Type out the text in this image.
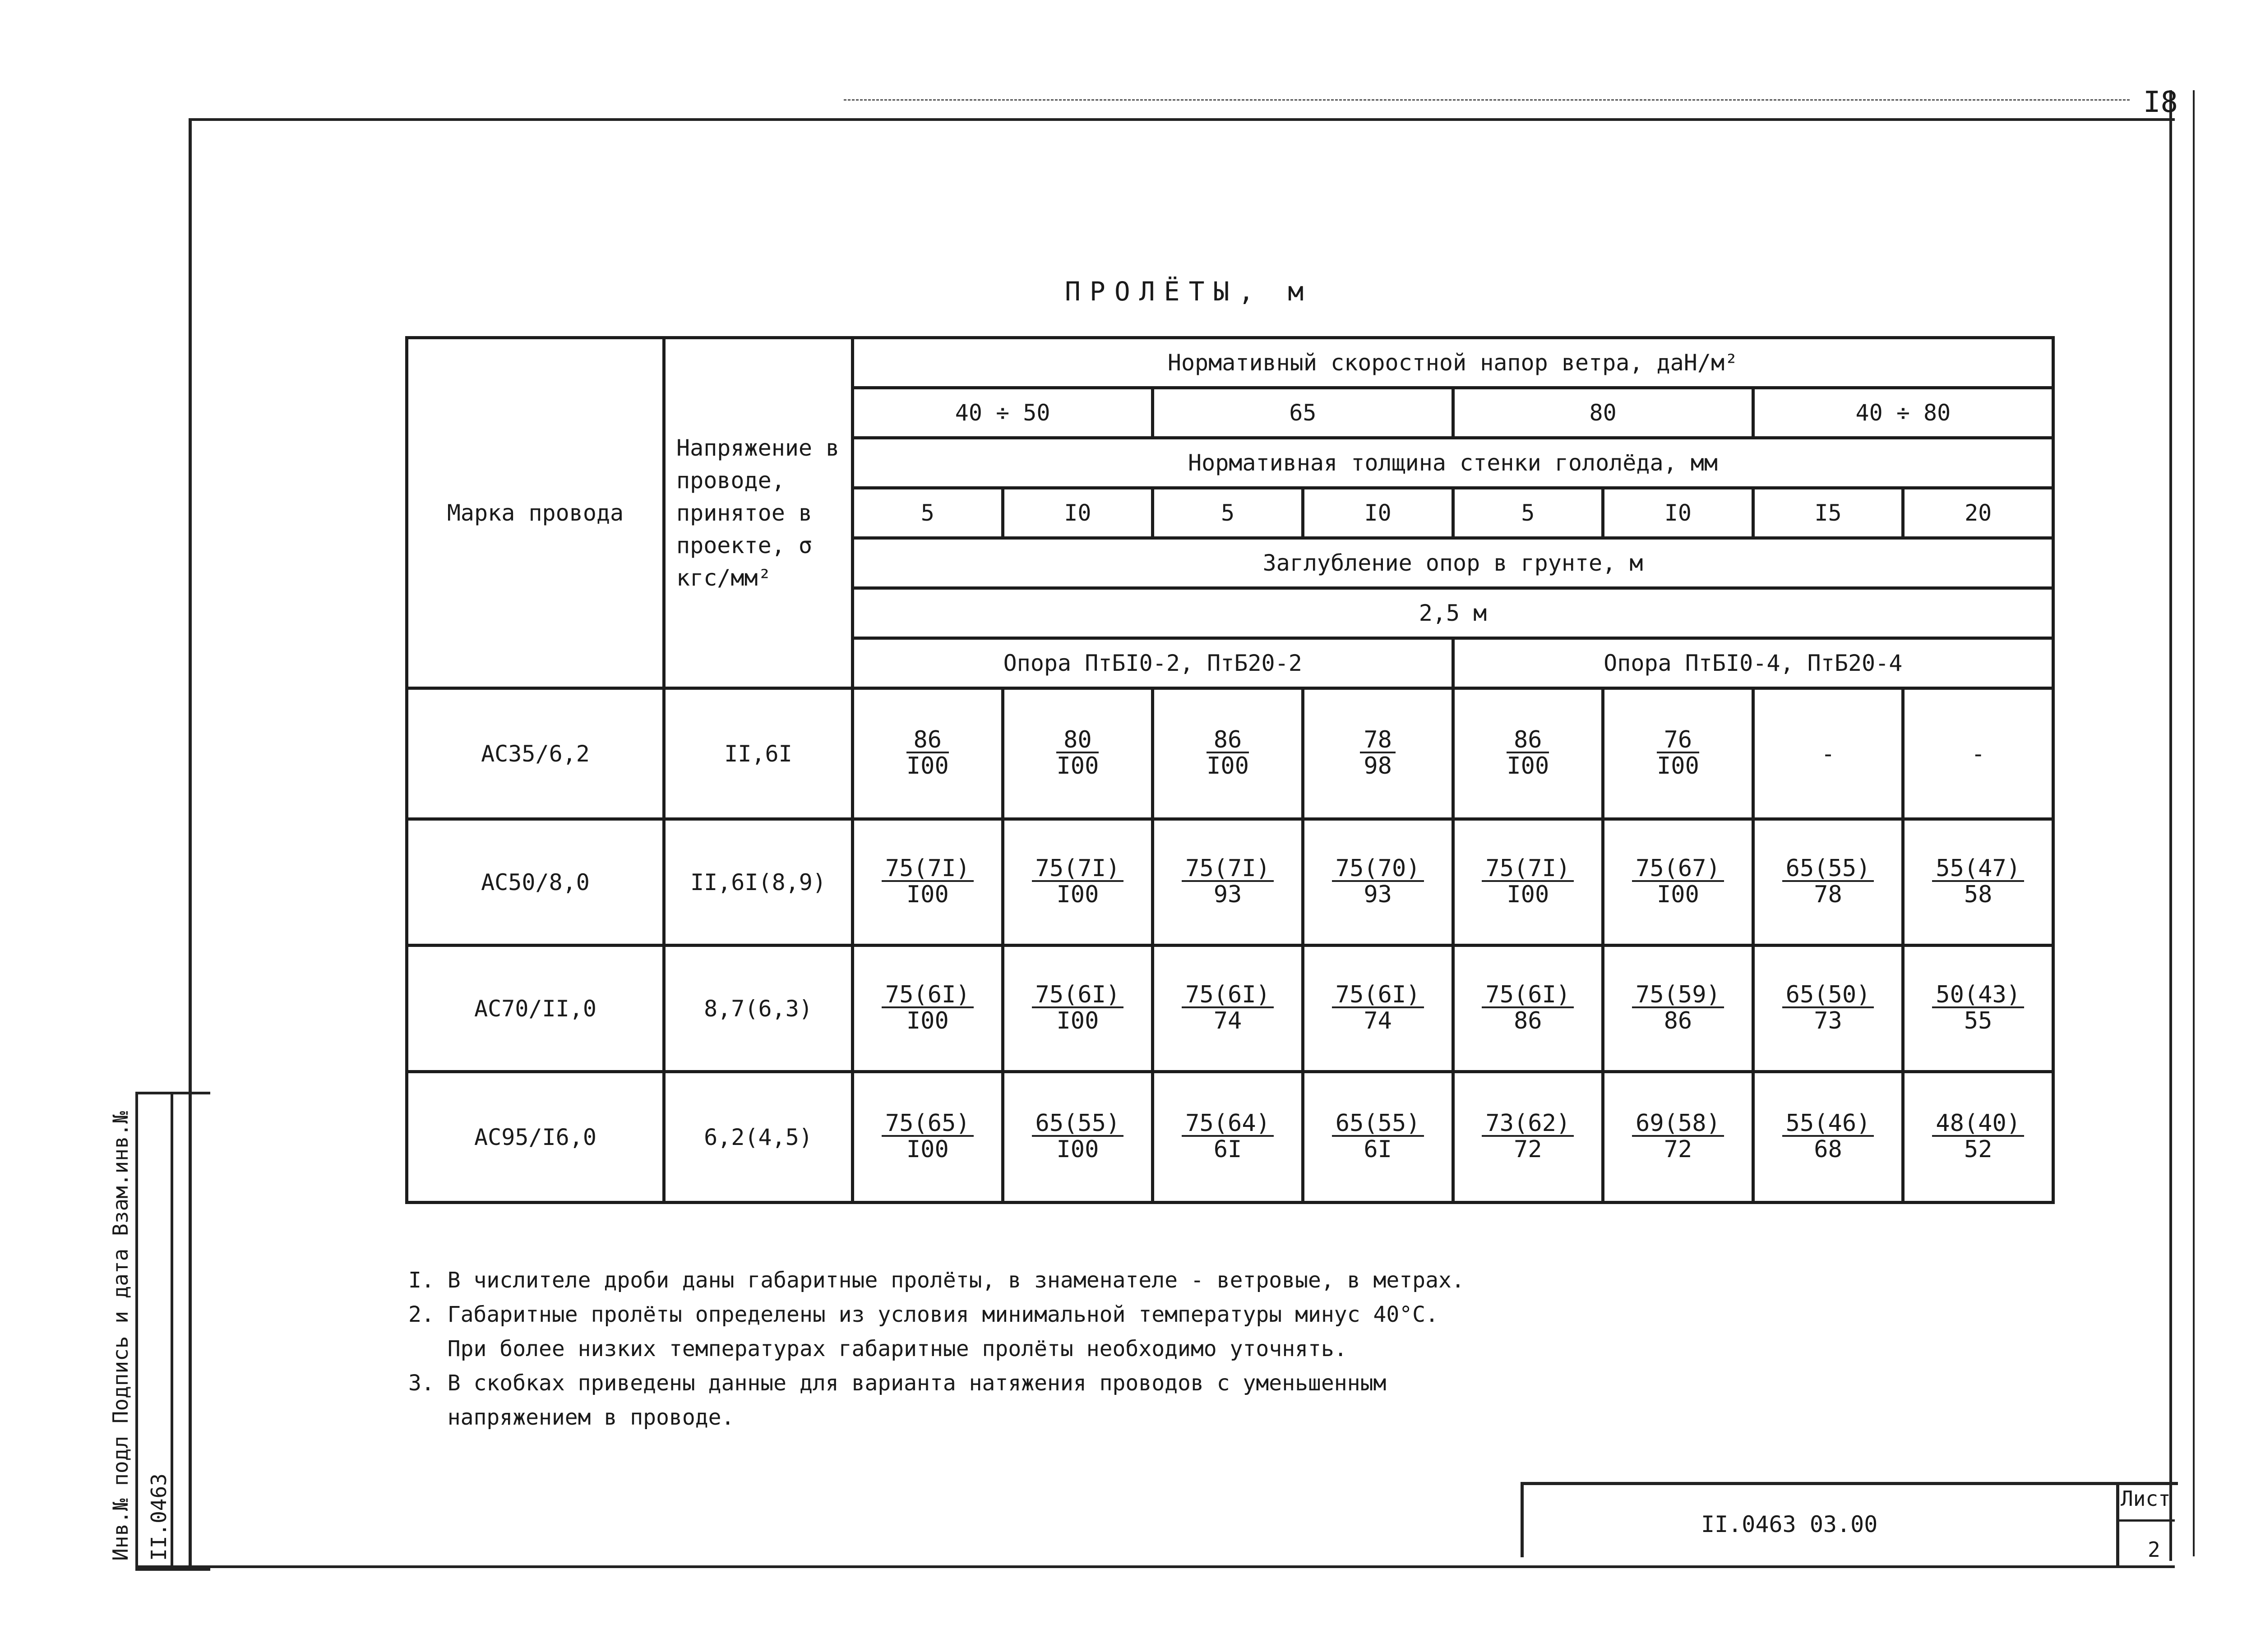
I8
ПРОЛЁТЫ, м
Марка провода	Напряжение в проводе, принятое в проекте, σ кгс/мм²	Нормативный скоростной напор ветра, даН/м²							
		40 ÷ 50		65		80		40 ÷ 80	
		Нормативная толщина стенки гололёда, мм							
		5	I0	5	I0	5	I0	I5	20
		Заглубление опор в грунте, м							
		2,5 м							
		Опора ПтБI0-2, ПтБ20-2				Опора ПтБI0-4, ПтБ20-4			
АС35/6,2	II,6I	$\frac{86}{I00}$	$\frac{80}{I00}$	$\frac{86}{I00}$	$\frac{78}{98}$	$\frac{86}{I00}$	$\frac{76}{I00}$	-	-
АС50/8,0	II,6I(8,9)	$\frac{75(7I)}{I00}$	$\frac{75(7I)}{I00}$	$\frac{75(7I)}{93}$	$\frac{75(70)}{93}$	$\frac{75(7I)}{I00}$	$\frac{75(67)}{I00}$	$\frac{65(55)}{78}$	$\frac{55(47)}{58}$

АС70/II,0	8,7(6,3)	$\frac{75(6I)}{I00}$	$\frac{75(6I)}{I00}$	$\frac{75(6I)}{74}$	$\frac{75(6I)}{74}$	$\frac{75(6I)}{86}$	$\frac{75(59)}{86}$	$\frac{65(50)}{73}$	$\frac{50(43)}{55}$

АС95/I6,0	6,2(4,5)	$\frac{75(65)}{I00}$	$\frac{65(55)}{I00}$	$\frac{75(64)}{6I}$	$\frac{65(55)}{6I}$	$\frac{73(62)}{72}$	$\frac{69(58)}{72}$	$\frac{55(46)}{68}$	$\frac{48(40)}{52}$

I. В числителе дроби даны габаритные пролёты, в знаменателе - ветровые, в метрах.

2. Габаритные пролёты определены из условия минимальной температуры минус 40°С.

При более низких температурах габаритные пролёты необходимо уточнять.

3. В скобках приведены данные для варианта натяжения проводов с уменьшенным

напряжением в проводе.

II.0463 03.00
Лист
2
Инв.№ подл Подпись и дата Взам.инв.№ II.0463
